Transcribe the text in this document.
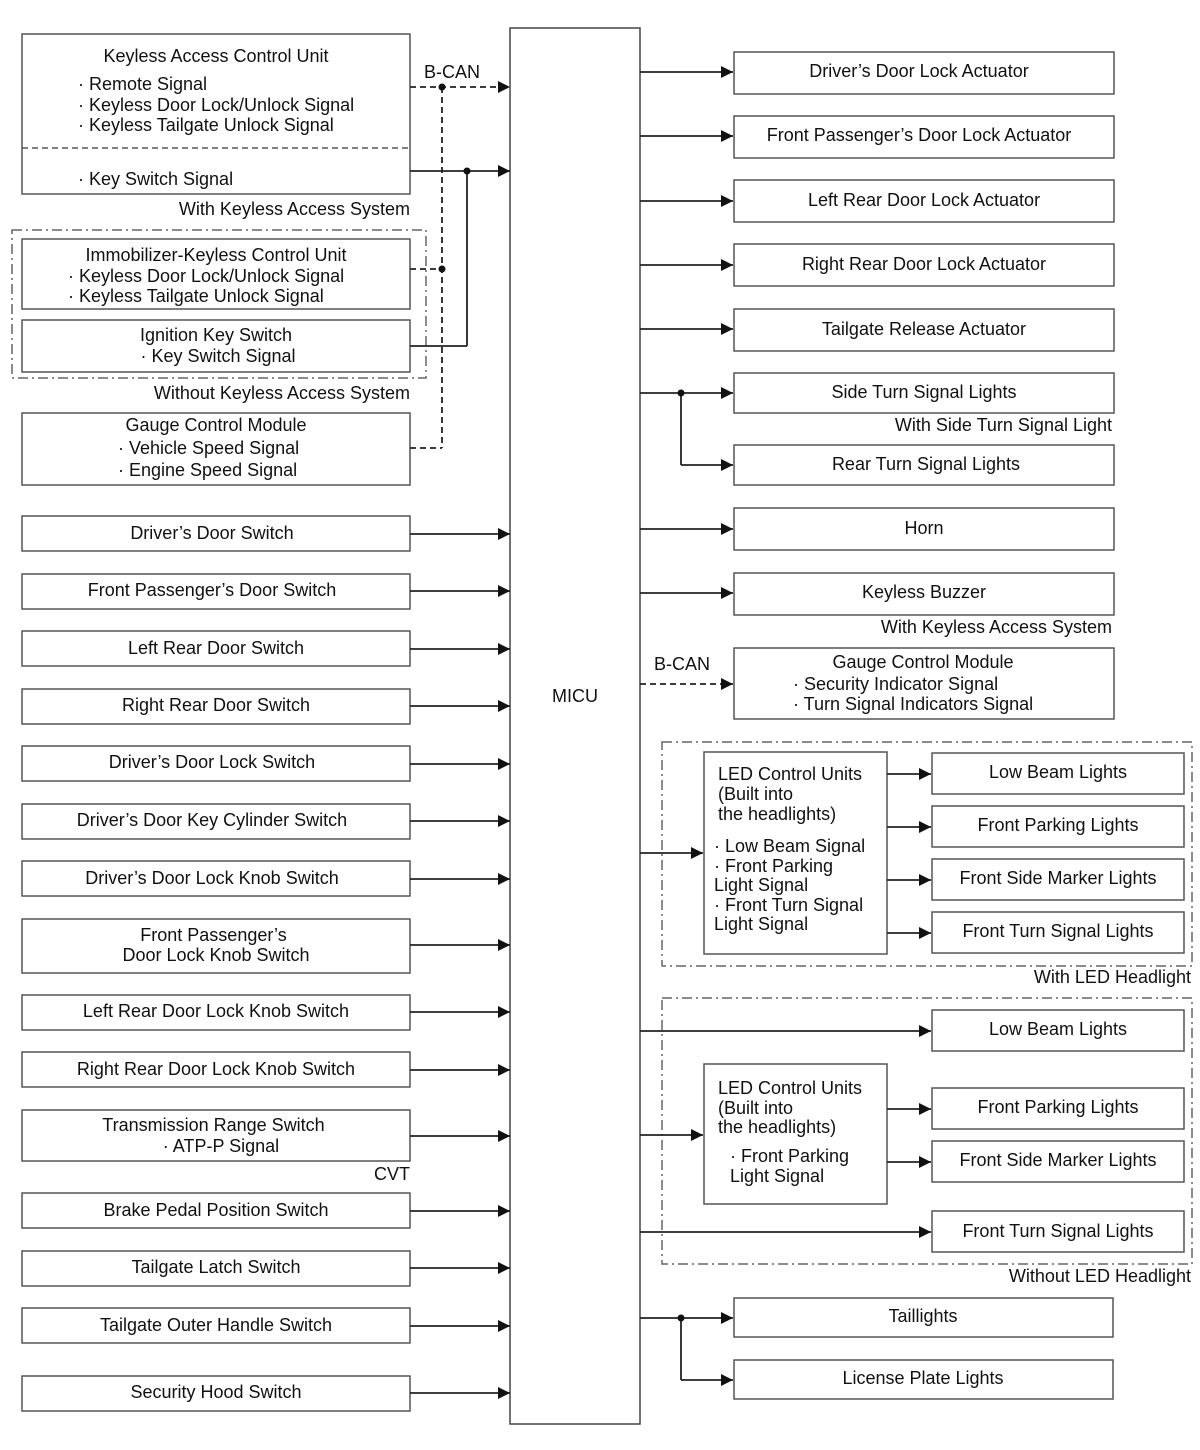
MICU
Keyless Access Control Unit
· Remote Signal
· Keyless Door Lock/Unlock Signal
· Keyless Tailgate Unlock Signal
· Key Switch Signal
With Keyless Access System
Immobilizer-Keyless Control Unit
· Keyless Door Lock/Unlock Signal
· Keyless Tailgate Unlock Signal
Ignition Key Switch
· Key Switch Signal
Without Keyless Access System
Gauge Control Module
· Vehicle Speed Signal
· Engine Speed Signal
B-CAN
Driver’s Door Switch
Front Passenger’s Door Switch
Left Rear Door Switch
Right Rear Door Switch
Driver’s Door Lock Switch
Driver’s Door Key Cylinder Switch
Driver’s Door Lock Knob Switch
Front Passenger’s Door Lock Knob Switch
Left Rear Door Lock Knob Switch
Right Rear Door Lock Knob Switch
Transmission Range Switch · ATP-P Signal
CVT
Brake Pedal Position Switch
Tailgate Latch Switch
Tailgate Outer Handle Switch
Security Hood Switch
Driver’s Door Lock Actuator
Front Passenger’s Door Lock Actuator
Left Rear Door Lock Actuator
Right Rear Door Lock Actuator
Tailgate Release Actuator
Side Turn Signal Lights
With Side Turn Signal Light
Rear Turn Signal Lights
Horn
Keyless Buzzer
With Keyless Access System
B-CAN	Gauge Control Module
· Security Indicator Signal
· Turn Signal Indicators Signal
LED Control Units (Built into the headlights) · Low Beam Signal · Front Parking Light Signal · Front Turn Signal Light Signal
Low Beam Lights
Front Parking Lights
Front Side Marker Lights
Front Turn Signal Lights
With LED Headlight
Low Beam Lights
LED Control Units (Built into the headlights) · Front Parking Light Signal
Front Parking Lights
Front Side Marker Lights
Front Turn Signal Lights
Without LED Headlight
Taillights
License Plate Lights
